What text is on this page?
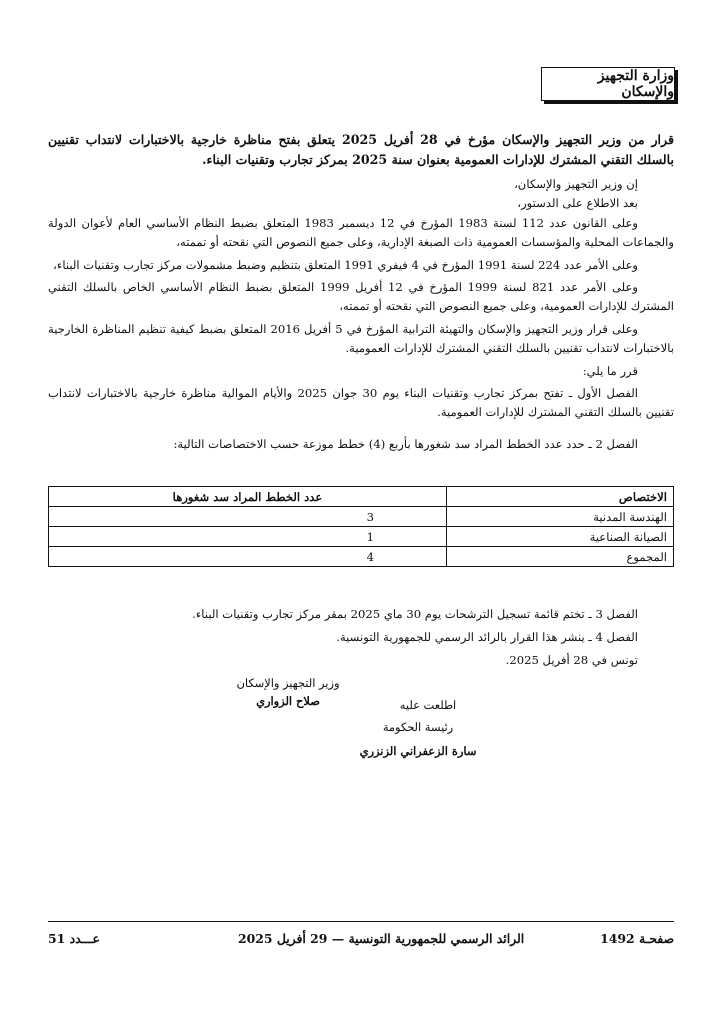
وزارة التجهيز والإسكان
قرار من وزير التجهيز والإسكان مؤرخ في 28 أفريل 2025 يتعلق بفتح مناظرة خارجية بالاختبارات لانتداب تقنيين بالسلك التقني المشترك للإدارات العمومية بعنوان سنة 2025 بمركز تجارب وتقنيات البناء.

إن وزير التجهيز والإسكان،

بعد الاطلاع على الدستور،

وعلى القانون عدد 112 لسنة 1983 المؤرخ في 12 ديسمبر 1983 المتعلق بضبط النظام الأساسي العام لأعوان الدولة والجماعات المحلية والمؤسسات العمومية ذات الصبغة الإدارية، وعلى جميع النصوص التي نقحته أو تممته،

وعلى الأمر عدد 224 لسنة 1991 المؤرخ في 4 فيفري 1991 المتعلق بتنظيم وضبط مشمولات مركز تجارب وتقنيات البناء،

وعلى الأمر عدد 821 لسنة 1999 المؤرخ في 12 أفريل 1999 المتعلق بضبط النظام الأساسي الخاص بالسلك التقني المشترك للإدارات العمومية، وعلى جميع النصوص التي نقحته أو تممته،

وعلى قرار وزير التجهيز والإسكان والتهيئة الترابية المؤرخ في 5 أفريل 2016 المتعلق بضبط كيفية تنظيم المناظرة الخارجية بالاختبارات لانتداب تقنيين بالسلك التقني المشترك للإدارات العمومية.

قرر ما يلي:

الفصل الأول ـ تفتح بمركز تجارب وتقنيات البناء يوم 30 جوان 2025 والأيام الموالية مناظرة خارجية بالاختبارات لانتداب تقنيين بالسلك التقني المشترك للإدارات العمومية.

الفصل 2 ـ حدد عدد الخطط المراد سد شغورها بأربع (4) خطط موزعة حسب الاختصاصات التالية:

الاختصاص	عدد الخطط المراد سد شغورها
الهندسة المدنية	3
الصيانة الصناعية	1
المجموع	4

الفصل 3 ـ تختم قائمة تسجيل الترشحات يوم 30 ماي 2025 بمقر مركز تجارب وتقنيات البناء.

الفصل 4 ـ ينشر هذا القرار بالرائد الرسمي للجمهورية التونسية.

تونس في 28 أفريل 2025.

وزير التجهيز والإسكان
صلاح الزواري	اطلعت عليه
رئيسة الحكومة
سارة الزعفراني الزنزري
صفحـة 1492
الرائد الرسمي للجمهورية التونسية — 29 أفريل 2025
عـــدد 51
